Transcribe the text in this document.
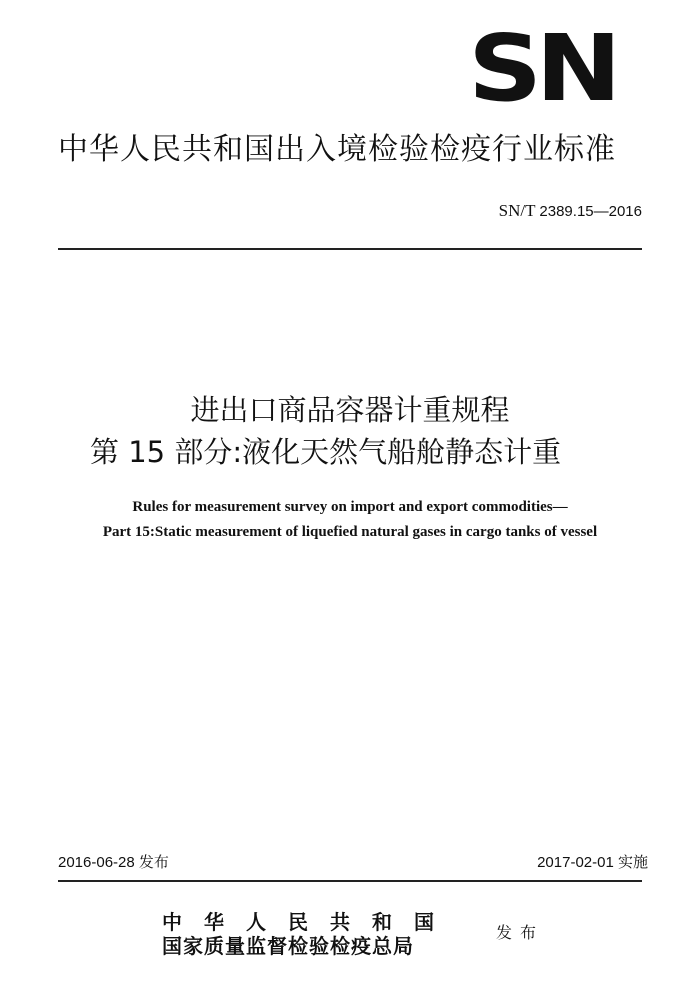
SN
中华人民共和国出入境检验检疫行业标准
SN/T 2389.15—2016
进出口商品容器计重规程
第 15 部分:液化天然气船舱静态计重
Rules for measurement survey on import and export commodities—
Part 15:Static measurement of liquefied natural gases in cargo tanks of vessel
2016-06-28 发布	2017-02-01 实施
中华人民共和国
国家质量监督检验检疫总局
发布
